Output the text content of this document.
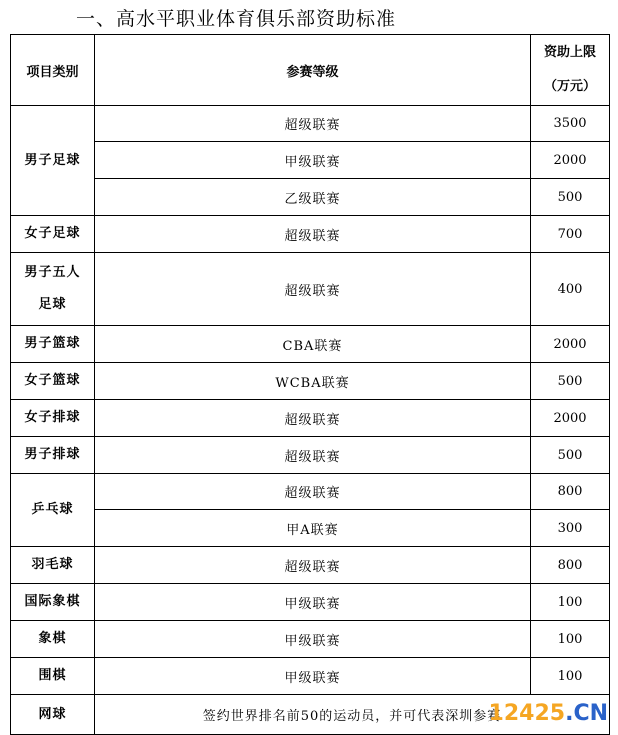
一、高水平职业体育俱乐部资助标准
项目类别	参赛等级	资助上限
（万元）

男子足球	超级联赛	3500
	甲级联赛	2000
	乙级联赛	500
女子足球	超级联赛	700

男子五人
足球	超级联赛	400
男子篮球	CBA联赛	2000
女子篮球	WCBA联赛	500
女子排球	超级联赛	2000
男子排球	超级联赛	500
乒乓球	超级联赛	800
	甲A联赛	300
羽毛球	超级联赛	800
国际象棋	甲级联赛	100
象棋	甲级联赛	100
围棋	甲级联赛	100
网球	签约世界排名前50的运动员，并可代表深圳参赛	
12425.CN
